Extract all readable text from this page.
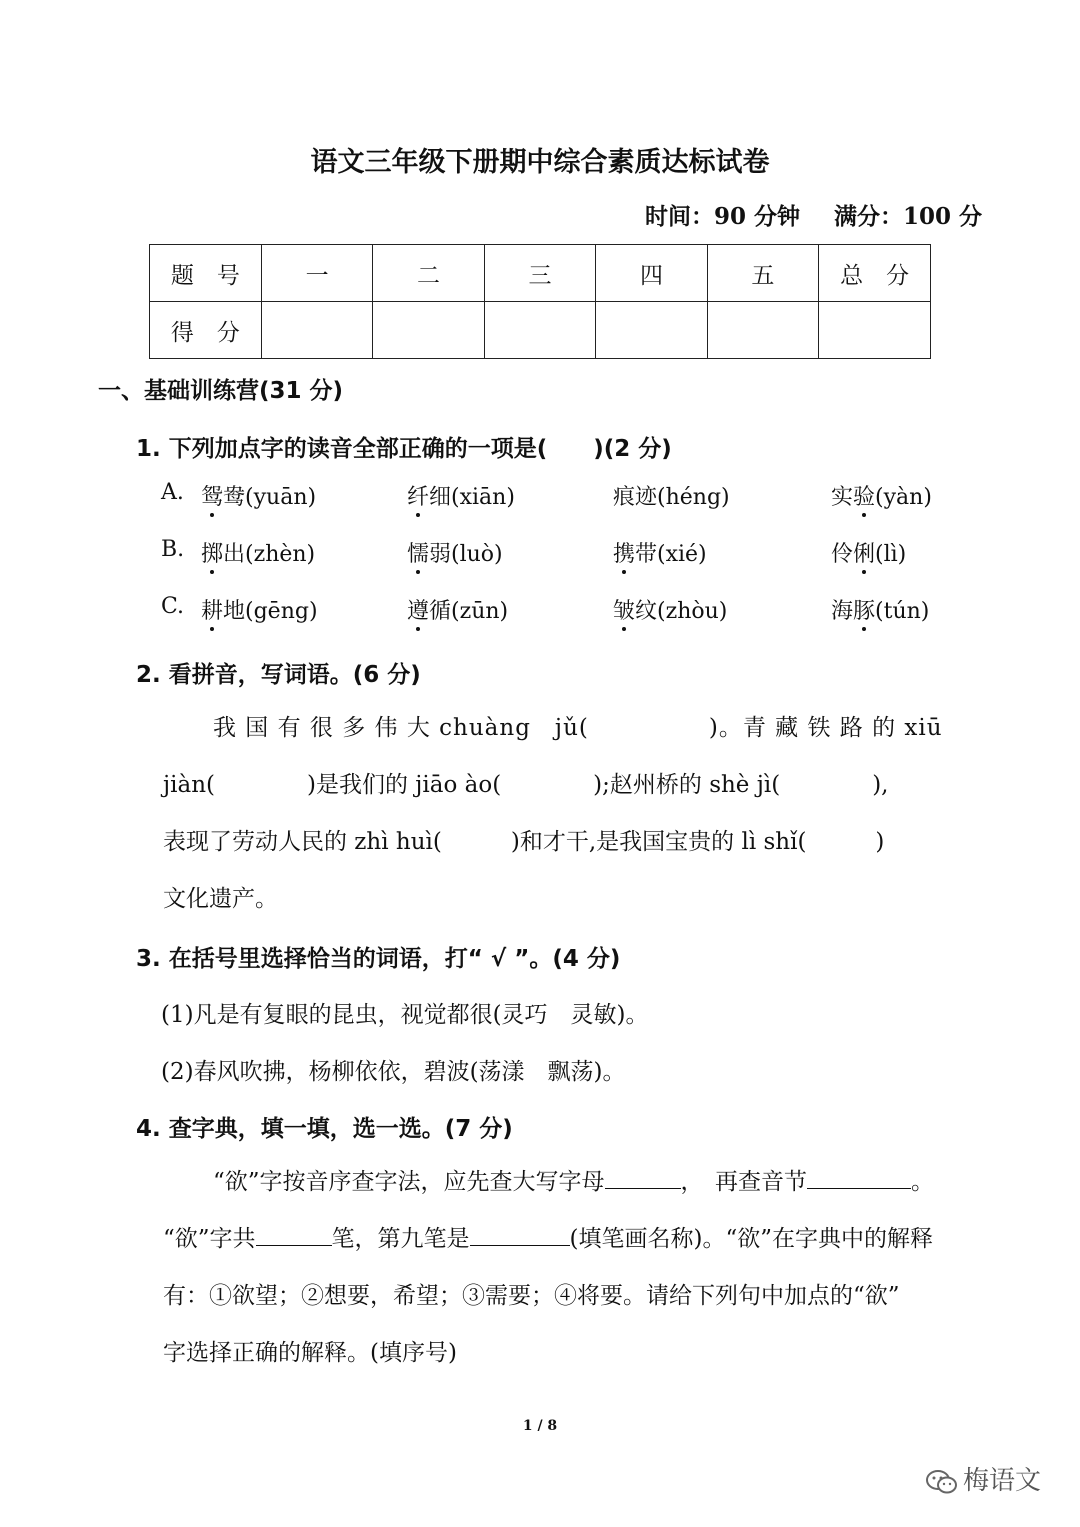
语文三年级下册期中综合素质达标试卷
时间：90 分钟 满分：100 分
题　号	一	二	三	四	五	总　分
得　分						
一、基础训练营(31 分)
1. 下列加点字的读音全部正确的一项是(　　)(2 分)
A. 鸳鸯(yuān)	纤细(xiān)	痕迹(héng)	实验(yàn)
B. 掷出(zhèn)	懦弱(luò)	携带(xié)	伶俐(lì)
C. 耕地(gēng)	遵循(zūn)	皱纹(zhòu)	海豚(tún)
2. 看拼音，写词语。(6 分)
我 国 有 很 多 伟 大 chuàng　jǔ(　　　　　)。青 藏 铁 路 的 xiū
jiàn(　　　　)是我们的 jiāo ào(　　　　);赵州桥的 shè jì(　　　　),
表现了劳动人民的 zhì huì(　　　)和才干,是我国宝贵的 lì shǐ(　　　)
文化遗产。
3. 在括号里选择恰当的词语，打“ √ ”。(4 分)
(1)凡是有复眼的昆虫，视觉都很(灵巧　灵敏)。
(2)春风吹拂，杨柳依依，碧波(荡漾　飘荡)。
4. 查字典，填一填，选一选。(7 分)
“欲”字按音序查字法，应先查大写字母	，　再查音节	。
“欲”字共	笔，第九笔是	(填笔画名称)。“欲”在字典中的解释
有：①欲望；②想要，希望；③需要；④将要。请给下列句中加点的“欲”
字选择正确的解释。(填序号)
1 / 8
梅语文
